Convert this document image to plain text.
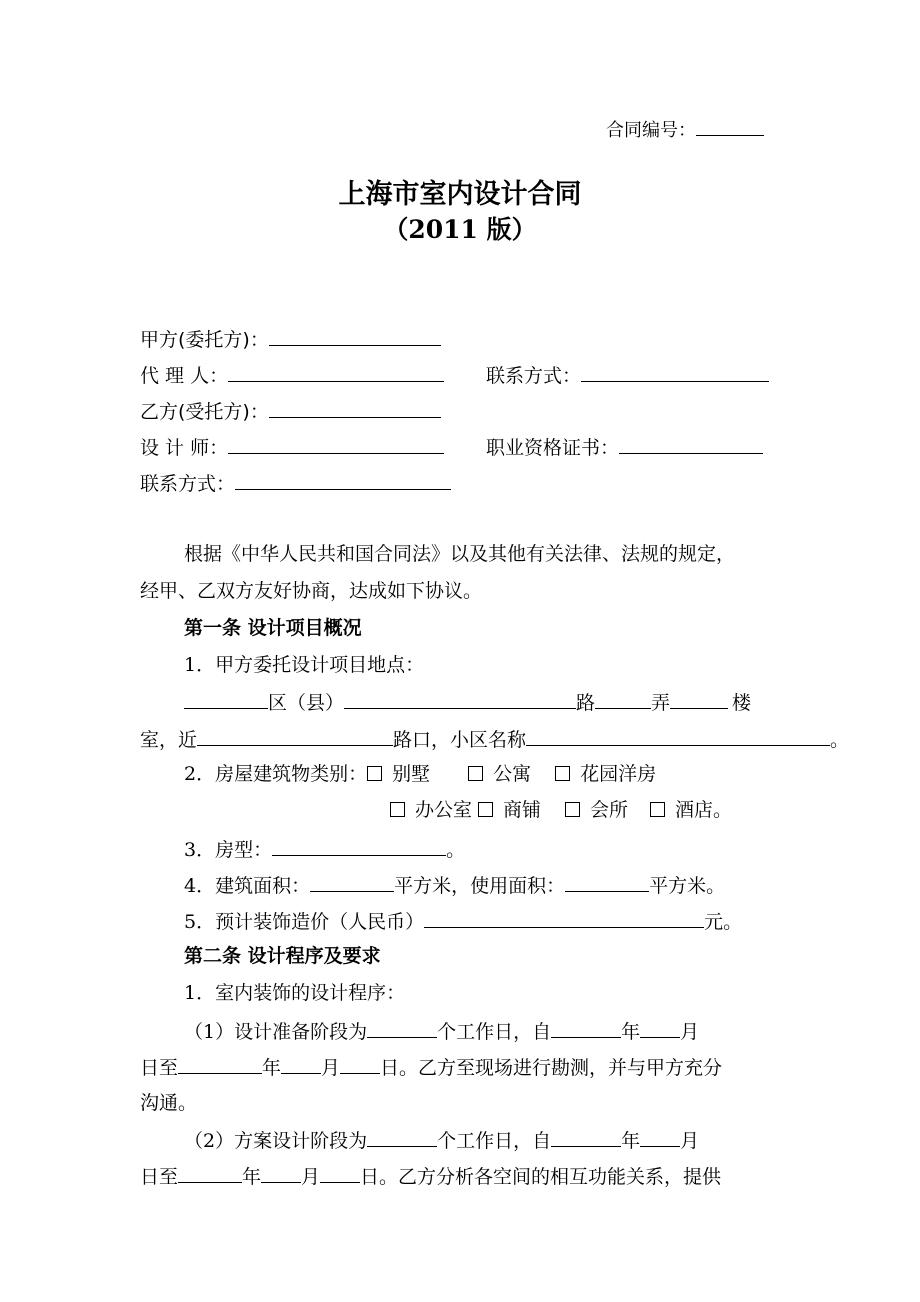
合同编号：
上海市室内设计合同
（2011 版）
甲方(委托方)：
代 理 人：	联系方式：
乙方(受托方)：
设 计 师：	职业资格证书：
联系方式：
根据《中华人民共和国合同法》以及其他有关法律、法规的规定，
经甲、乙双方友好协商，达成如下协议。
第一条 设计项目概况
1．甲方委托设计项目地点：
区（县）	路	弄	楼
室，近	路口，小区名称	。
2．房屋建筑物类别： 别墅	公寓	花园洋房
办公室 商铺	会所 酒店。
3．房型：	。
4．建筑面积：	平方米，使用面积：	平方米。
5．预计装饰造价（人民币）	元。
第二条 设计程序及要求
1．室内装饰的设计程序：
（1）设计准备阶段为	个工作日，自	年 月
日至	年 月 日。乙方至现场进行勘测，并与甲方充分
沟通。
（2）方案设计阶段为	个工作日，自	年 月
日至	年 月 日。乙方分析各空间的相互功能关系，提供
